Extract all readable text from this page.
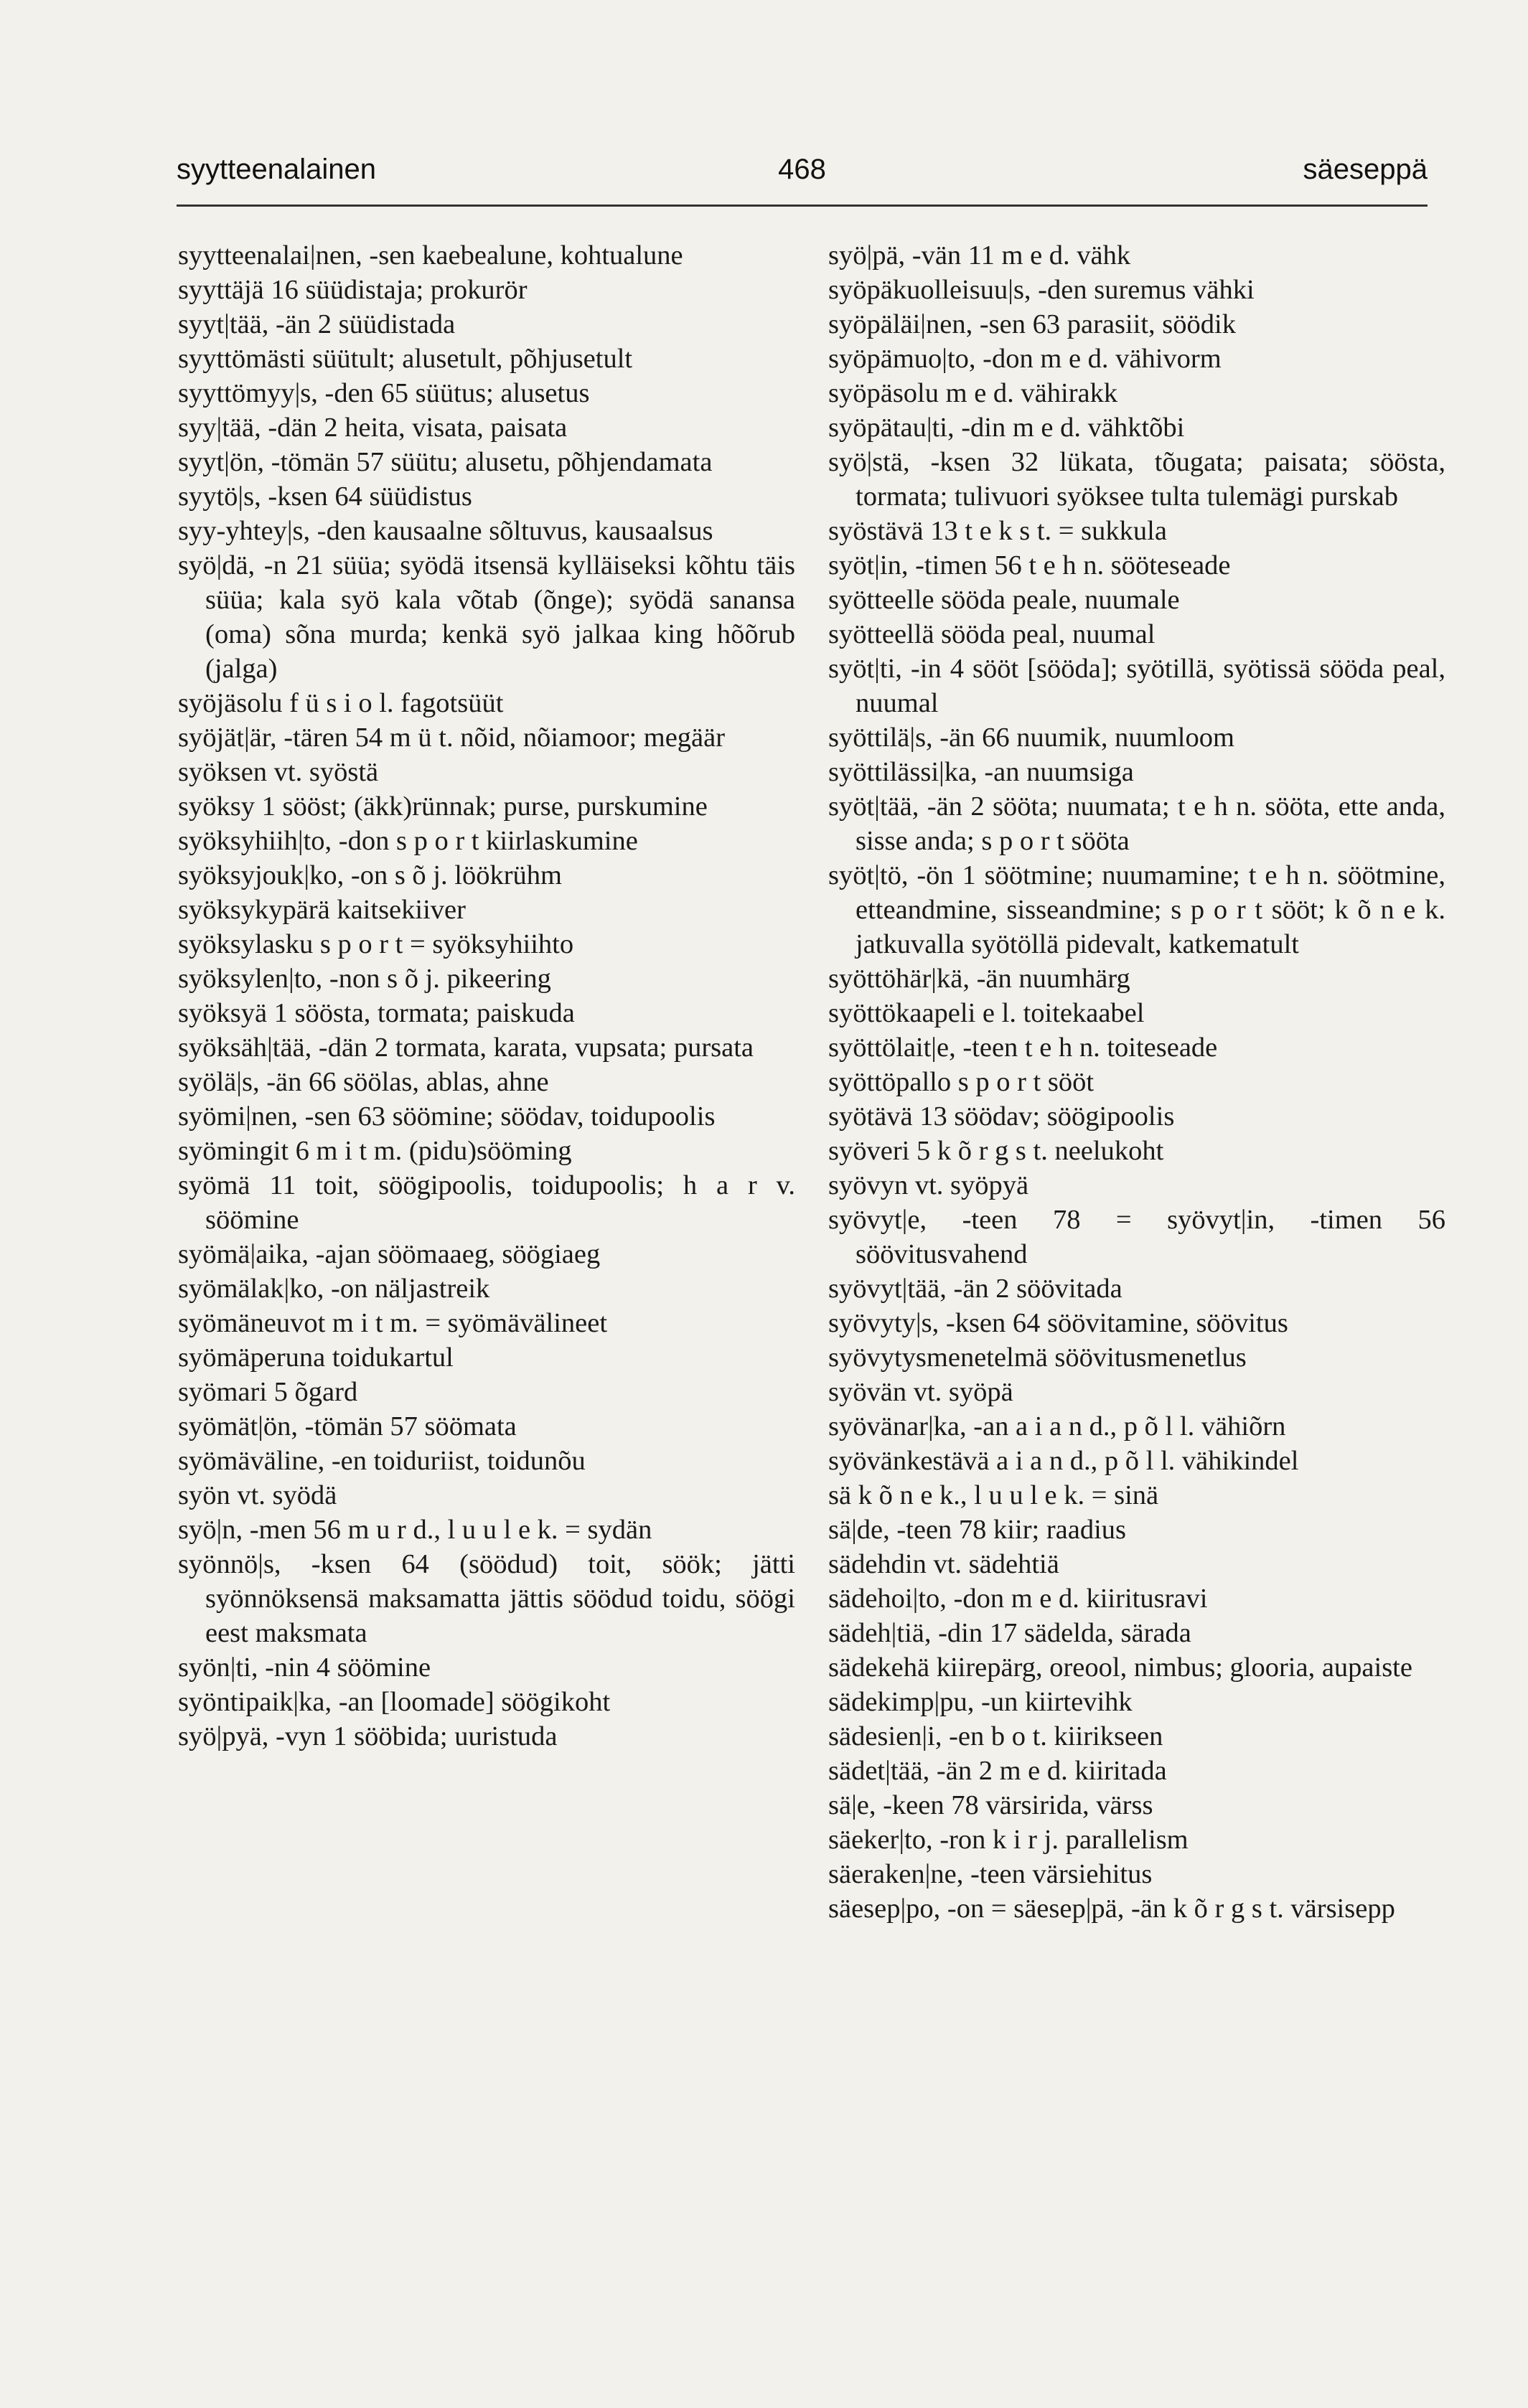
syytteenalainen	468	säeseppä

syytteenalai|nen, -sen kaebealune, kohtualune

syyttäjä 16 süüdistaja; prokurör

syyt|tää, -än 2 süüdistada

syyttömästi süütult; alusetult, põhjusetult

syyttömyy|s, -den 65 süütus; alusetus

syy|tää, -dän 2 heita, visata, paisata

syyt|ön, -tömän 57 süütu; alusetu, põhjendamata

syytö|s, -ksen 64 süüdistus

syy-yhtey|s, -den kausaalne sõltuvus, kausaalsus

syö|dä, -n 21 süüa; syödä itsensä kylläiseksi kõhtu täis süüa; kala syö kala võtab (õnge); syödä sanansa (oma) sõna murda; kenkä syö jalkaa king hõõrub (jalga)

syöjäsolu f ü s i o l. fagotsüüt

syöjät|är, -tären 54 m ü t. nõid, nõiamoor; megäär

syöksen vt. syöstä

syöksy 1 sööst; (äkk)rünnak; purse, purskumine

syöksyhiih|to, -don s p o r t kiirlaskumine

syöksyjouk|ko, -on s õ j. löökrühm

syöksykypärä kaitsekiiver

syöksylasku s p o r t = syöksyhiihto

syöksylen|to, -non s õ j. pikeering

syöksyä 1 söösta, tormata; paiskuda

syöksäh|tää, -dän 2 tormata, karata, vupsata; pursata

syölä|s, -än 66 söölas, ablas, ahne

syömi|nen, -sen 63 söömine; söödav, toidupoolis

syömingit 6 m i t m. (pidu)sööming

syömä 11 toit, söögipoolis, toidupoolis; h a r v. söömine

syömä|aika, -ajan söömaaeg, söögiaeg

syömälak|ko, -on näljastreik

syömäneuvot m i t m. = syömävälineet

syömäperuna toidukartul

syömari 5 õgard

syömät|ön, -tömän 57 söömata

syömäväline, -en toiduriist, toidunõu

syön vt. syödä

syö|n, -men 56 m u r d., l u u l e k. = sydän

syönnö|s, -ksen 64 (söödud) toit, söök; jätti syönnöksensä maksamatta jättis söödud toidu, söögi eest maksmata

syön|ti, -nin 4 söömine

syöntipaik|ka, -an [loomade] söögikoht

syö|pyä, -vyn 1 sööbida; uuristuda

syö|pä, -vän 11 m e d. vähk

syöpäkuolleisuu|s, -den suremus vähki

syöpäläi|nen, -sen 63 parasiit, söödik

syöpämuo|to, -don m e d. vähivorm

syöpäsolu m e d. vähirakk

syöpätau|ti, -din m e d. vähktõbi

syö|stä, -ksen 32 lükata, tõugata; paisata; söösta, tormata; tulivuori syöksee tulta tulemägi purskab

syöstävä 13 t e k s t. = sukkula

syöt|in, -timen 56 t e h n. sööteseade

syötteelle sööda peale, nuumale

syötteellä sööda peal, nuumal

syöt|ti, -in 4 sööt [sööda]; syötillä, syötissä sööda peal, nuumal

syöttilä|s, -än 66 nuumik, nuumloom

syöttilässi|ka, -an nuumsiga

syöt|tää, -än 2 sööta; nuumata; t e h n. sööta, ette anda, sisse anda; s p o r t sööta

syöt|tö, -ön 1 söötmine; nuumamine; t e h n. söötmine, etteandmine, sisseandmine; s p o r t sööt; k õ n e k. jatkuvalla syötöllä pidevalt, katkematult

syöttöhär|kä, -än nuumhärg

syöttökaapeli e l. toitekaabel

syöttölait|e, -teen t e h n. toiteseade

syöttöpallo s p o r t sööt

syötävä 13 söödav; söögipoolis

syöveri 5 k õ r g s t. neelukoht

syövyn vt. syöpyä

syövyt|e, -teen 78 = syövyt|in, -timen 56 söövitusvahend

syövyt|tää, -än 2 söövitada

syövyty|s, -ksen 64 söövitamine, söövitus

syövytysmenetelmä söövitusmenetlus

syövän vt. syöpä

syövänar|ka, -an a i a n d., p õ l l. vähiõrn

syövänkestävä a i a n d., p õ l l. vähikindel

sä k õ n e k., l u u l e k. = sinä

sä|de, -teen 78 kiir; raadius

sädehdin vt. sädehtiä

sädehoi|to, -don m e d. kiiritusravi

sädeh|tiä, -din 17 sädelda, särada

sädekehä kiirepärg, oreool, nimbus; glooria, aupaiste

sädekimp|pu, -un kiirtevihk

sädesien|i, -en b o t. kiirikseen

sädet|tää, -än 2 m e d. kiiritada

sä|e, -keen 78 värsirida, värss

säeker|to, -ron k i r j. parallelism

säeraken|ne, -teen värsiehitus

säesep|po, -on = säesep|pä, -än k õ r g s t. värsisepp
